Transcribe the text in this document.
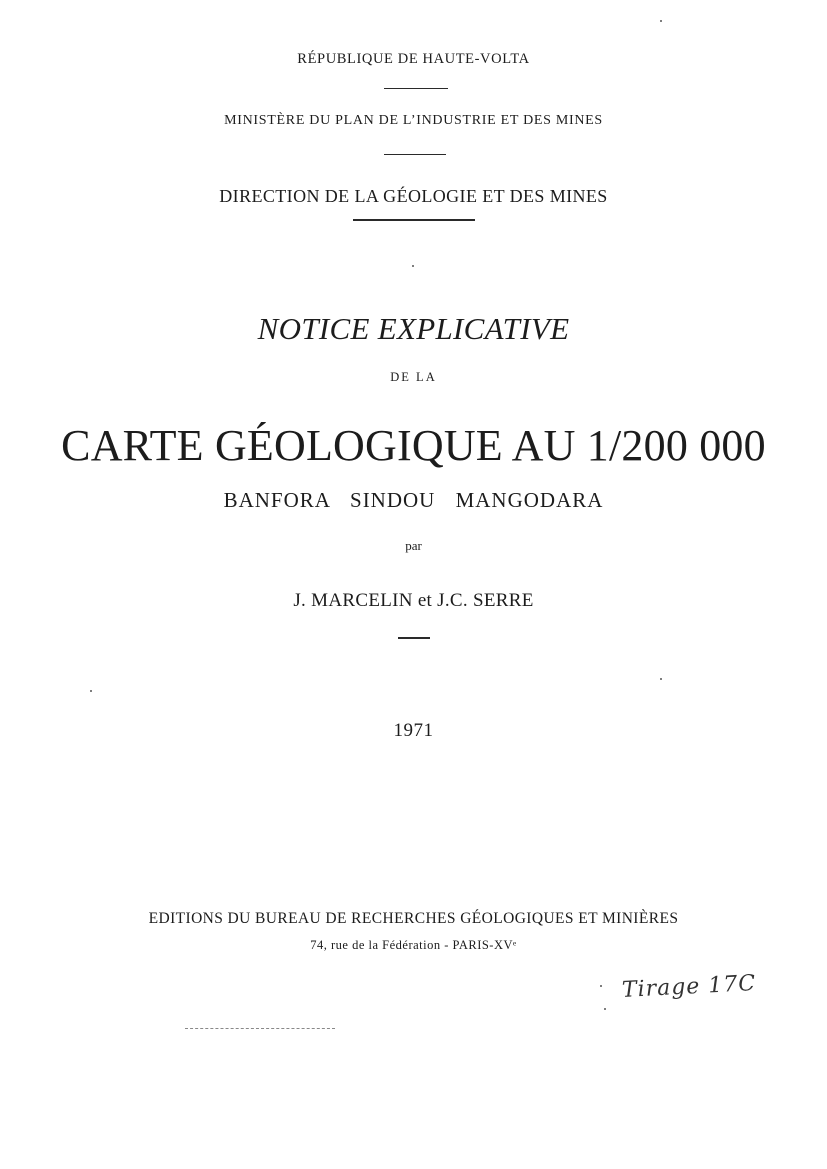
RÉPUBLIQUE DE HAUTE-VOLTA
MINISTÈRE DU PLAN DE L’INDUSTRIE ET DES MINES
DIRECTION DE LA GÉOLOGIE ET DES MINES
NOTICE EXPLICATIVE
DE LA
CARTE GÉOLOGIQUE AU 1/200 000
BANFORA SINDOU MANGODARA
par
J. MARCELIN et J.C. SERRE
1971
EDITIONS DU BUREAU DE RECHERCHES GÉOLOGIQUES ET MINIÈRES
74, rue de la Fédération - PARIS-XVᵉ
Tirage 17C
